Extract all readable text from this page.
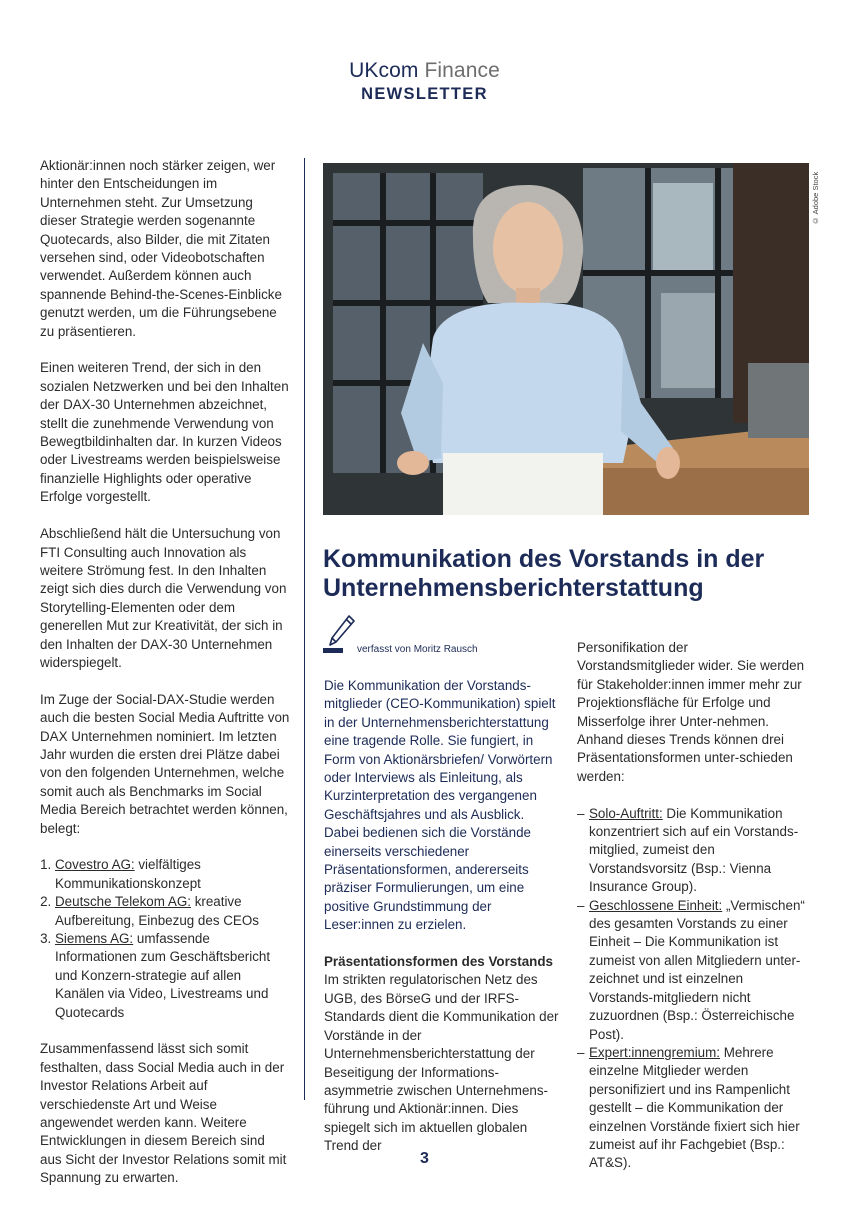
UKcom Finance
NEWSLETTER

Aktionär:innen noch stärker zeigen, wer hinter den Entscheidungen im Unternehmen steht. Zur Umsetzung dieser Strategie werden sogenannte Quotecards, also Bilder, die mit Zitaten versehen sind, oder Videobotschaften verwendet. Außerdem können auch spannende Behind-the-Scenes-Einblicke genutzt werden, um die Führungsebene zu präsentieren.

Einen weiteren Trend, der sich in den sozialen Netzwerken und bei den Inhalten der DAX-30 Unternehmen abzeichnet, stellt die zunehmende Verwendung von Bewegtbildinhalten dar. In kurzen Videos oder Livestreams werden beispielsweise finanzielle Highlights oder operative Erfolge vorgestellt.

Abschließend hält die Untersuchung von FTI Consulting auch Innovation als weitere Strömung fest. In den Inhalten zeigt sich dies durch die Verwendung von Storytelling-Elementen oder dem generellen Mut zur Kreativität, der sich in den Inhalten der DAX-30 Unternehmen widerspiegelt.

Im Zuge der Social-DAX-Studie werden auch die besten Social Media Auftritte von DAX Unternehmen nominiert. Im letzten Jahr wurden die ersten drei Plätze dabei von den folgenden Unternehmen, welche somit auch als Benchmarks im Social Media Bereich betrachtet werden können, belegt:

1. Covestro AG: vielfältiges Kommunikationskonzept
2. Deutsche Telekom AG: kreative Aufbereitung, Einbezug des CEOs
3. Siemens AG: umfassende Informationen zum Geschäftsbericht und Konzern-strategie auf allen Kanälen via Video, Livestreams und Quotecards

Zusammenfassend lässt sich somit festhalten, dass Social Media auch in der Investor Relations Arbeit auf verschiedenste Art und Weise angewendet werden kann. Weitere Entwicklungen in diesem Bereich sind aus Sicht der Investor Relations somit mit Spannung zu erwarten.

© Adobe Stock
Kommunikation des Vorstands in der Unternehmensberichterstattung
verfasst von Moritz Rausch

Die Kommunikation der Vorstands-mitglieder (CEO-Kommunikation) spielt in der Unternehmensberichterstattung eine tragende Rolle. Sie fungiert, in Form von Aktionärsbriefen/ Vorwörtern oder Interviews als Einleitung, als Kurzinterpretation des vergangenen Geschäftsjahres und als Ausblick. Dabei bedienen sich die Vorstände einerseits verschiedener Präsentationsformen, andererseits präziser Formulierungen, um eine positive Grundstimmung der Leser:innen zu erzielen.

Präsentationsformen des Vorstands

Im strikten regulatorischen Netz des UGB, des BörseG und der IRFS-Standards dient die Kommunikation der Vorstände in der Unternehmensberichterstattung der Beseitigung der Informations-asymmetrie zwischen Unternehmens-führung und Aktionär:innen. Dies spiegelt sich im aktuellen globalen Trend der

Personifikation der Vorstandsmitglieder wider. Sie werden für Stakeholder:innen immer mehr zur Projektionsfläche für Erfolge und Misserfolge ihrer Unter-nehmen. Anhand dieses Trends können drei Präsentationsformen unter-schieden werden:

– Solo-Auftritt: Die Kommunikation konzentriert sich auf ein Vorstands-mitglied, zumeist den Vorstandsvorsitz (Bsp.: Vienna Insurance Group).
– Geschlossene Einheit: „Vermischen“ des gesamten Vorstands zu einer Einheit – Die Kommunikation ist zumeist von allen Mitgliedern unter-zeichnet und ist einzelnen Vorstands-mitgliedern nicht zuzuordnen (Bsp.: Österreichische Post).
– Expert:innengremium: Mehrere einzelne Mitglieder werden personifiziert und ins Rampenlicht gestellt – die Kommunikation der einzelnen Vorstände fixiert sich hier zumeist auf ihr Fachgebiet (Bsp.: AT&S).
3
